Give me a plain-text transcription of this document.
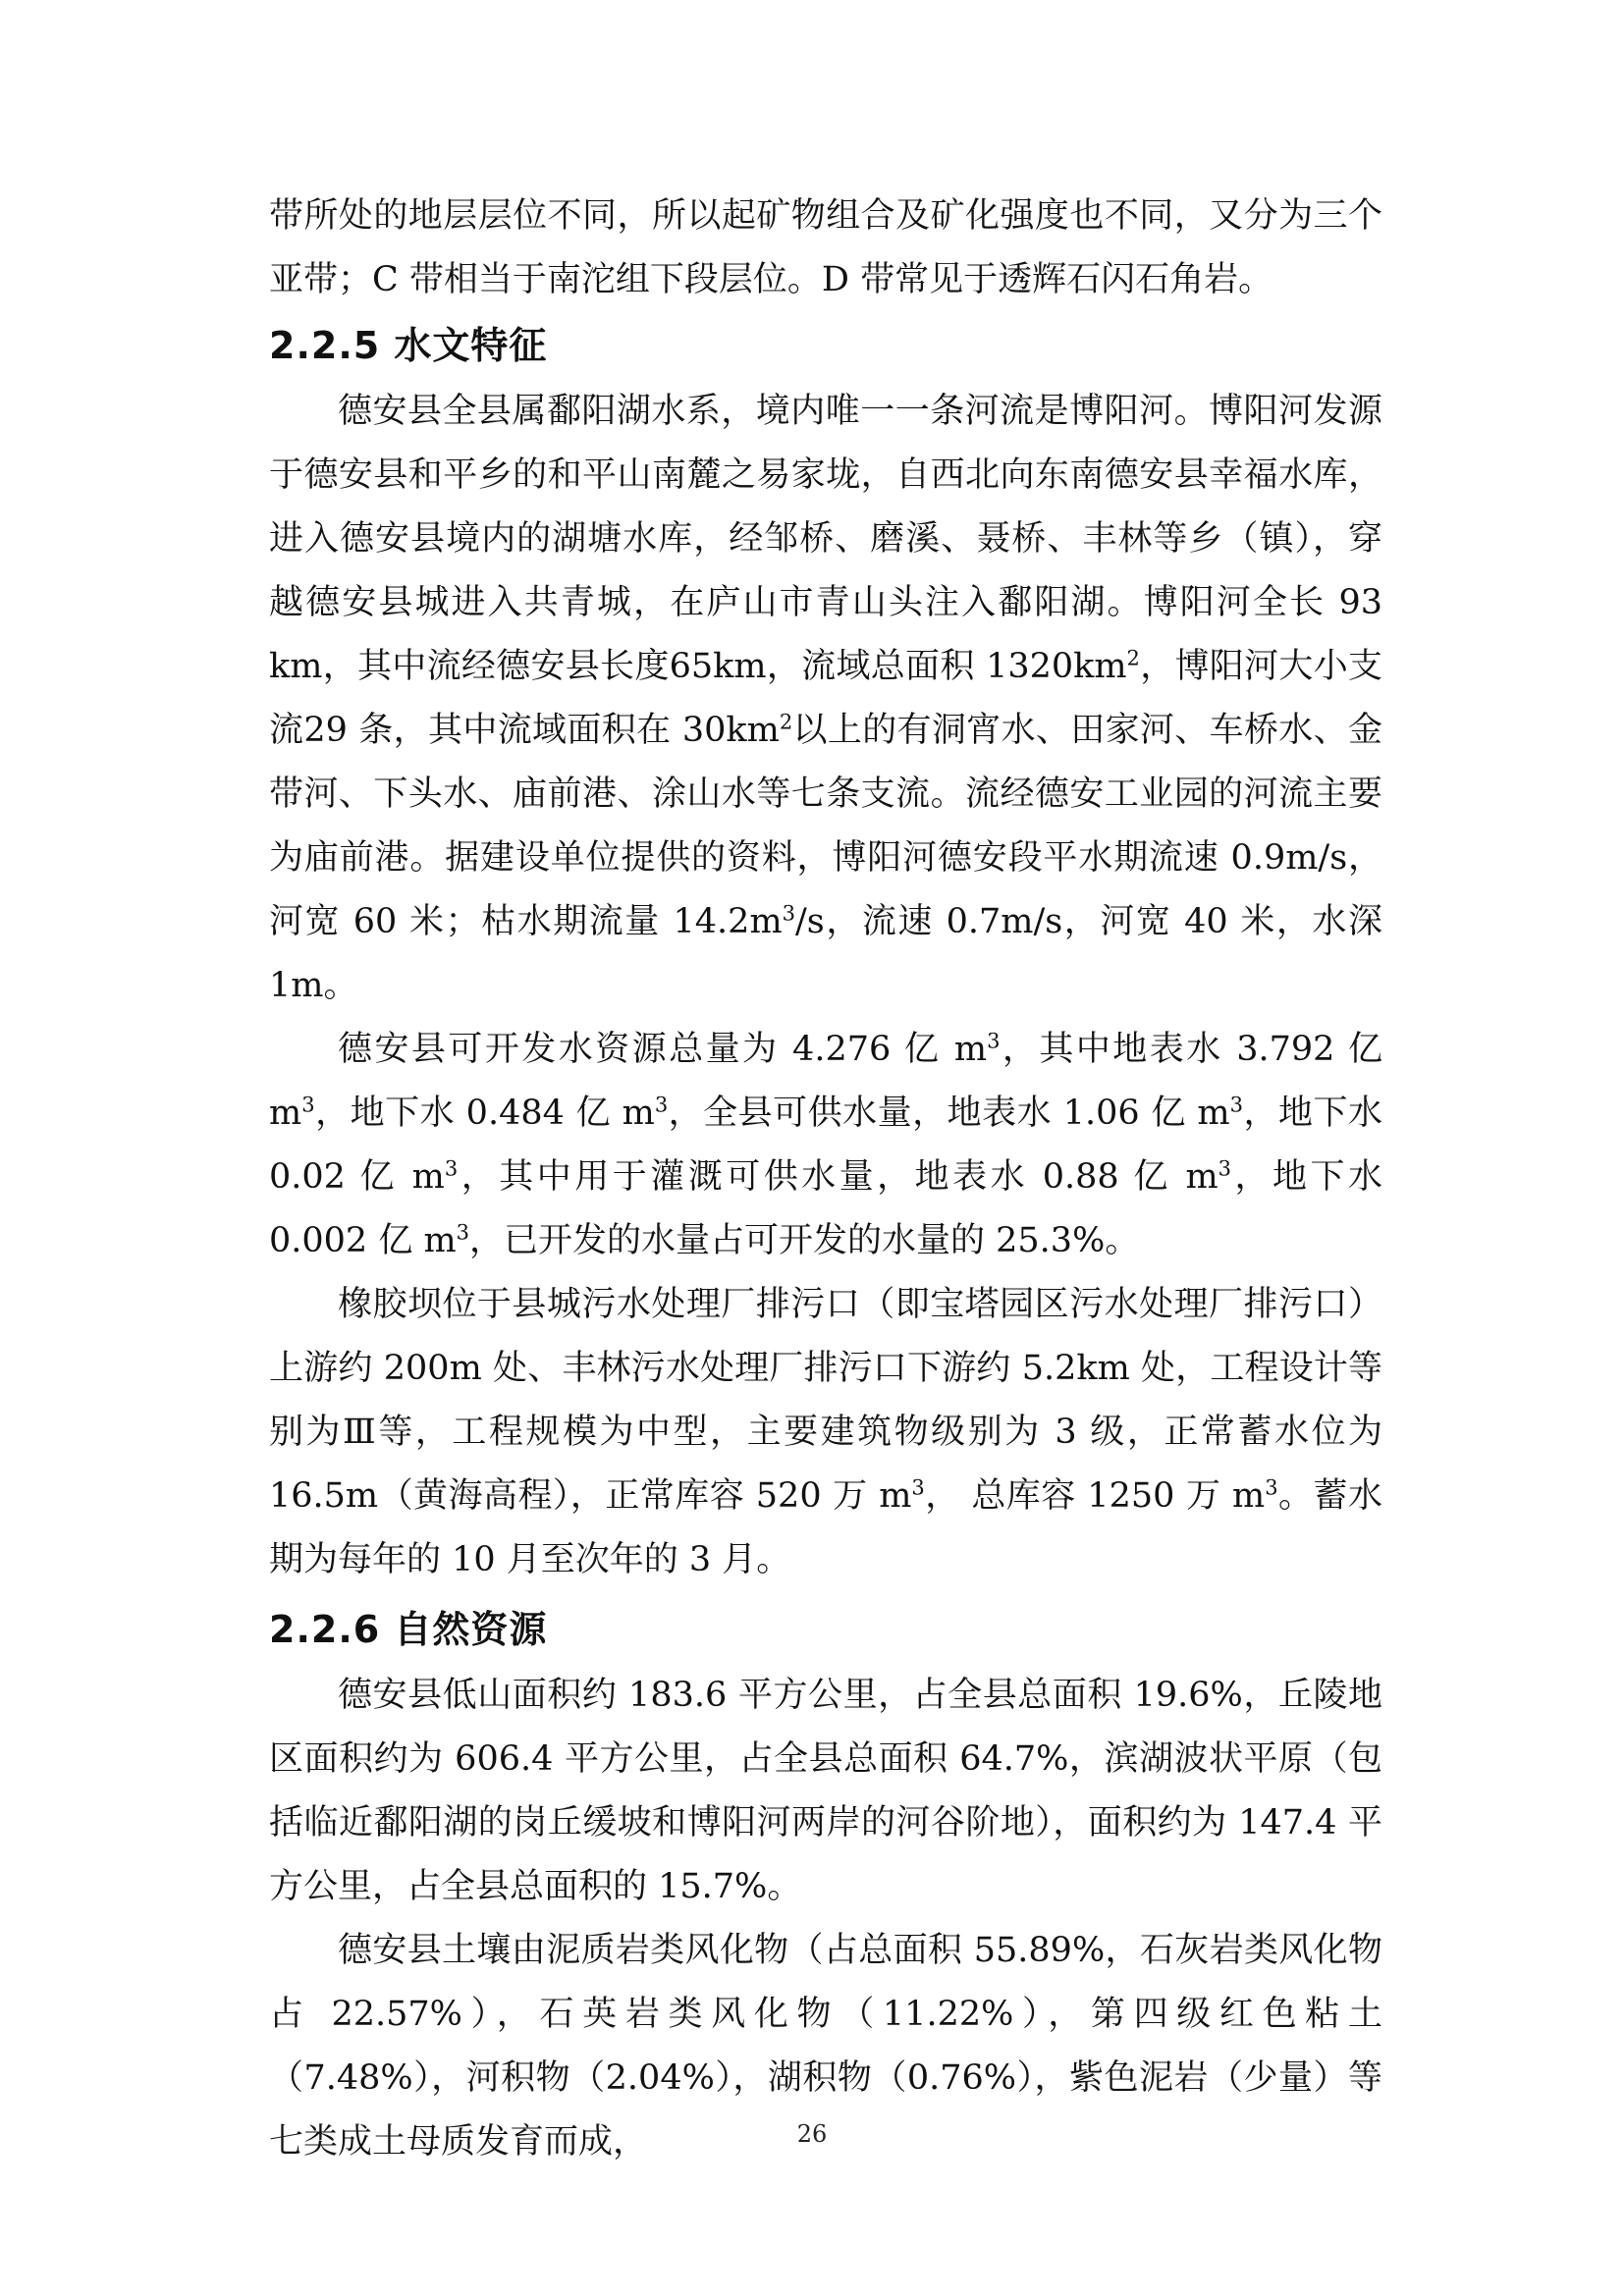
带所处的地层层位不同，所以起矿物组合及矿化强度也不同，又分为三个亚带；C 带相当于南沱组下段层位。D 带常见于透辉石闪石角岩。

2.2.5 水文特征

德安县全县属鄱阳湖水系，境内唯一一条河流是博阳河。博阳河发源于德安县和平乡的和平山南麓之易家垅，自西北向东南德安县幸福水库，进入德安县境内的湖塘水库，经邹桥、磨溪、聂桥、丰林等乡（镇），穿越德安县城进入共青城，在庐山市青山头注入鄱阳湖。博阳河全长 93 km，其中流经德安县长度65km，流域总面积 $1320km^2$，博阳河大小支流29 条，其中流域面积在 $30km^2$以上的有洞宵水、田家河、车桥水、金带河、下头水、庙前港、涂山水等七条支流。流经德安工业园的河流主要为庙前港。据建设单位提供的资料，博阳河德安段平水期流速 0.9m/s，河宽 60 米；枯水期流量 $14.2m^3/s$，流速 0.7m/s，河宽 40 米，水深 1m。

德安县可开发水资源总量为 4.276 亿 $m^3$，其中地表水 3.792 亿 $m^3$，地下水 0.484 亿 $m^3$，全县可供水量，地表水 1.06 亿 $m^3$，地下水 0.02 亿 $m^3$，其中用于灌溉可供水量，地表水 0.88 亿 $m^3$，地下水 0.002 亿 $m^3$，已开发的水量占可开发的水量的 25.3%。

橡胶坝位于县城污水处理厂排污口（即宝塔园区污水处理厂排污口）上游约 200m 处、丰林污水处理厂排污口下游约 5.2km 处，工程设计等别为Ⅲ等，工程规模为中型，主要建筑物级别为 3 级，正常蓄水位为 16.5m（黄海高程），正常库容 520 万 $m^3$， 总库容 1250 万 $m^3$。蓄水期为每年的 10 月至次年的 3 月。

2.2.6 自然资源

德安县低山面积约 183.6 平方公里，占全县总面积 19.6%，丘陵地区面积约为 606.4 平方公里，占全县总面积 64.7%，滨湖波状平原（包括临近鄱阳湖的岗丘缓坡和博阳河两岸的河谷阶地），面积约为 147.4 平方公里，占全县总面积的 15.7%。

德安县土壤由泥质岩类风化物（占总面积 55.89%，石灰岩类风化物占 22.57%），石英岩类风化物（11.22%），第四级红色粘土（7.48%），河积物（2.04%），湖积物（0.76%），紫色泥岩（少量）等七类成土母质发育而成，	26
